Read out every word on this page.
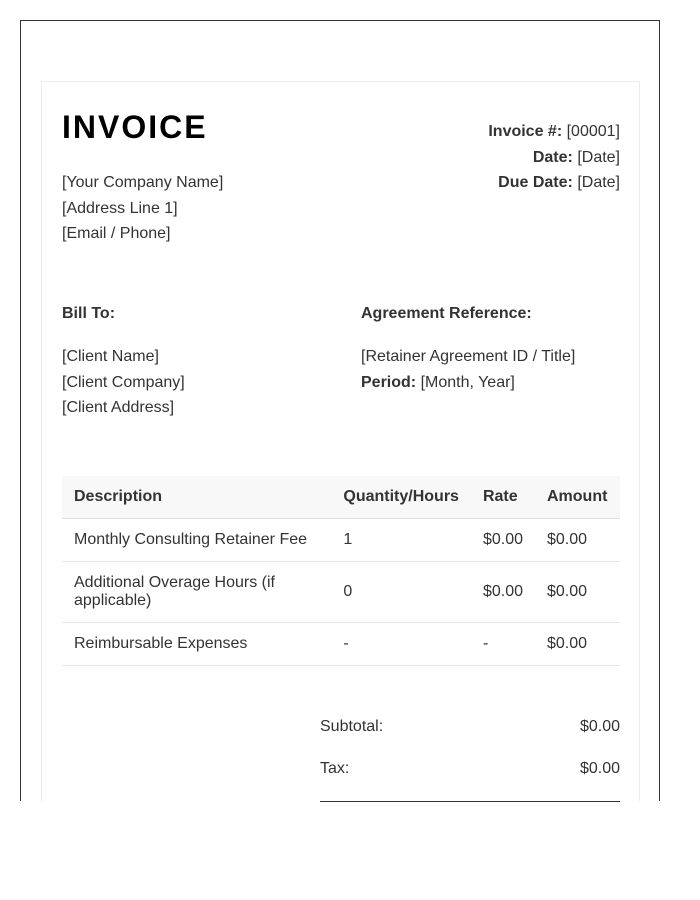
INVOICE	Invoice #: [00001]
Date: [Date]
Due Date: [Date]
[Your Company Name]
[Address Line 1]
[Email / Phone]
Bill To:
[Client Name]
[Client Company]
[Client Address]
Agreement Reference:
[Retainer Agreement ID / Title]
Period: [Month, Year]
Description	Quantity/Hours	Rate	Amount
Monthly Consulting Retainer Fee	1	$0.00	$0.00
Additional Overage Hours (if applicable)	0	$0.00	$0.00
Reimbursable Expenses	-	-	$0.00
Subtotal:	$0.00
Tax:	$0.00
